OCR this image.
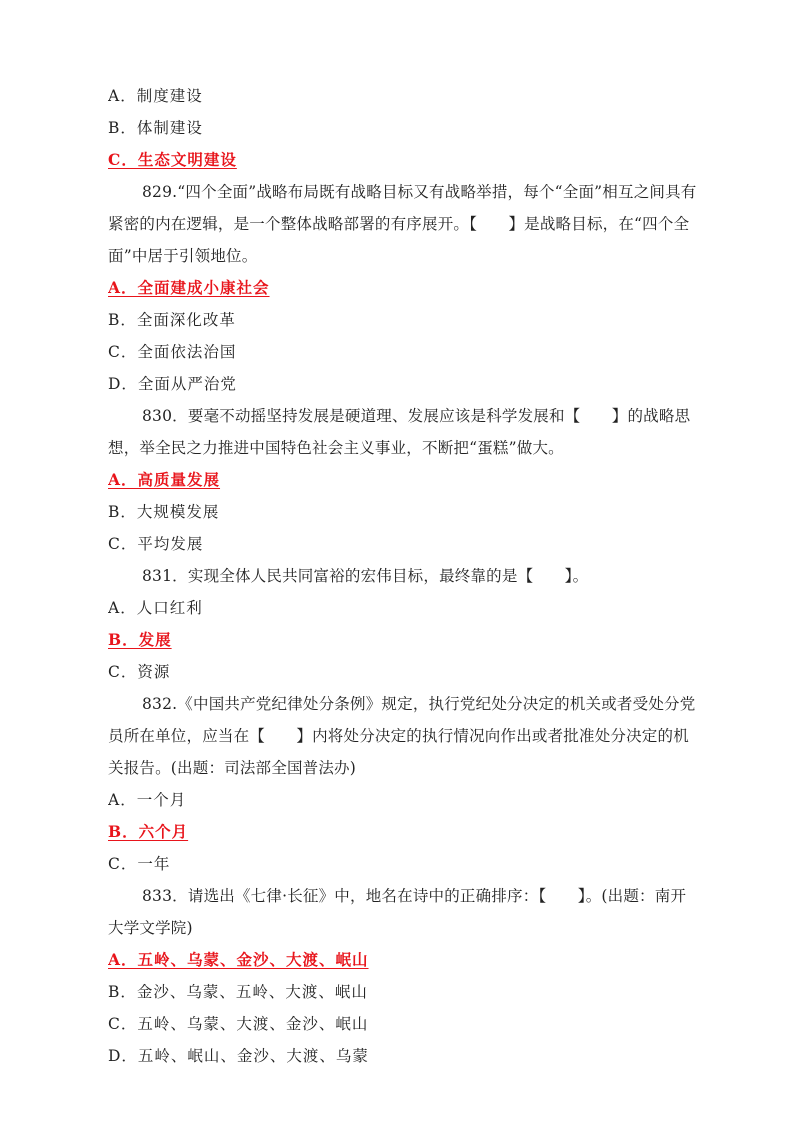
A．制度建设
B．体制建设
C．生态文明建设
829.“四个全面”战略布局既有战略目标又有战略举措，每个“全面”相互之间具有紧密的内在逻辑，是一个整体战略部署的有序展开。【　　】是战略目标，在“四个全面”中居于引领地位。
A．全面建成小康社会
B．全面深化改革
C．全面依法治国
D．全面从严治党
830．要毫不动摇坚持发展是硬道理、发展应该是科学发展和【　　】的战略思想，举全民之力推进中国特色社会主义事业，不断把“蛋糕”做大。
A．高质量发展
B．大规模发展
C．平均发展
831．实现全体人民共同富裕的宏伟目标，最终靠的是【　　】。
A．人口红利
B．发展
C．资源
832.《中国共产党纪律处分条例》规定，执行党纪处分决定的机关或者受处分党员所在单位，应当在【　　】内将处分决定的执行情况向作出或者批准处分决定的机关报告。(出题：司法部全国普法办)
A．一个月
B．六个月
C．一年
833．请选出《七律·长征》中，地名在诗中的正确排序：【　　】。(出题：南开大学文学院)
A．五岭、乌蒙、金沙、大渡、岷山
B．金沙、乌蒙、五岭、大渡、岷山
C．五岭、乌蒙、大渡、金沙、岷山
D．五岭、岷山、金沙、大渡、乌蒙
